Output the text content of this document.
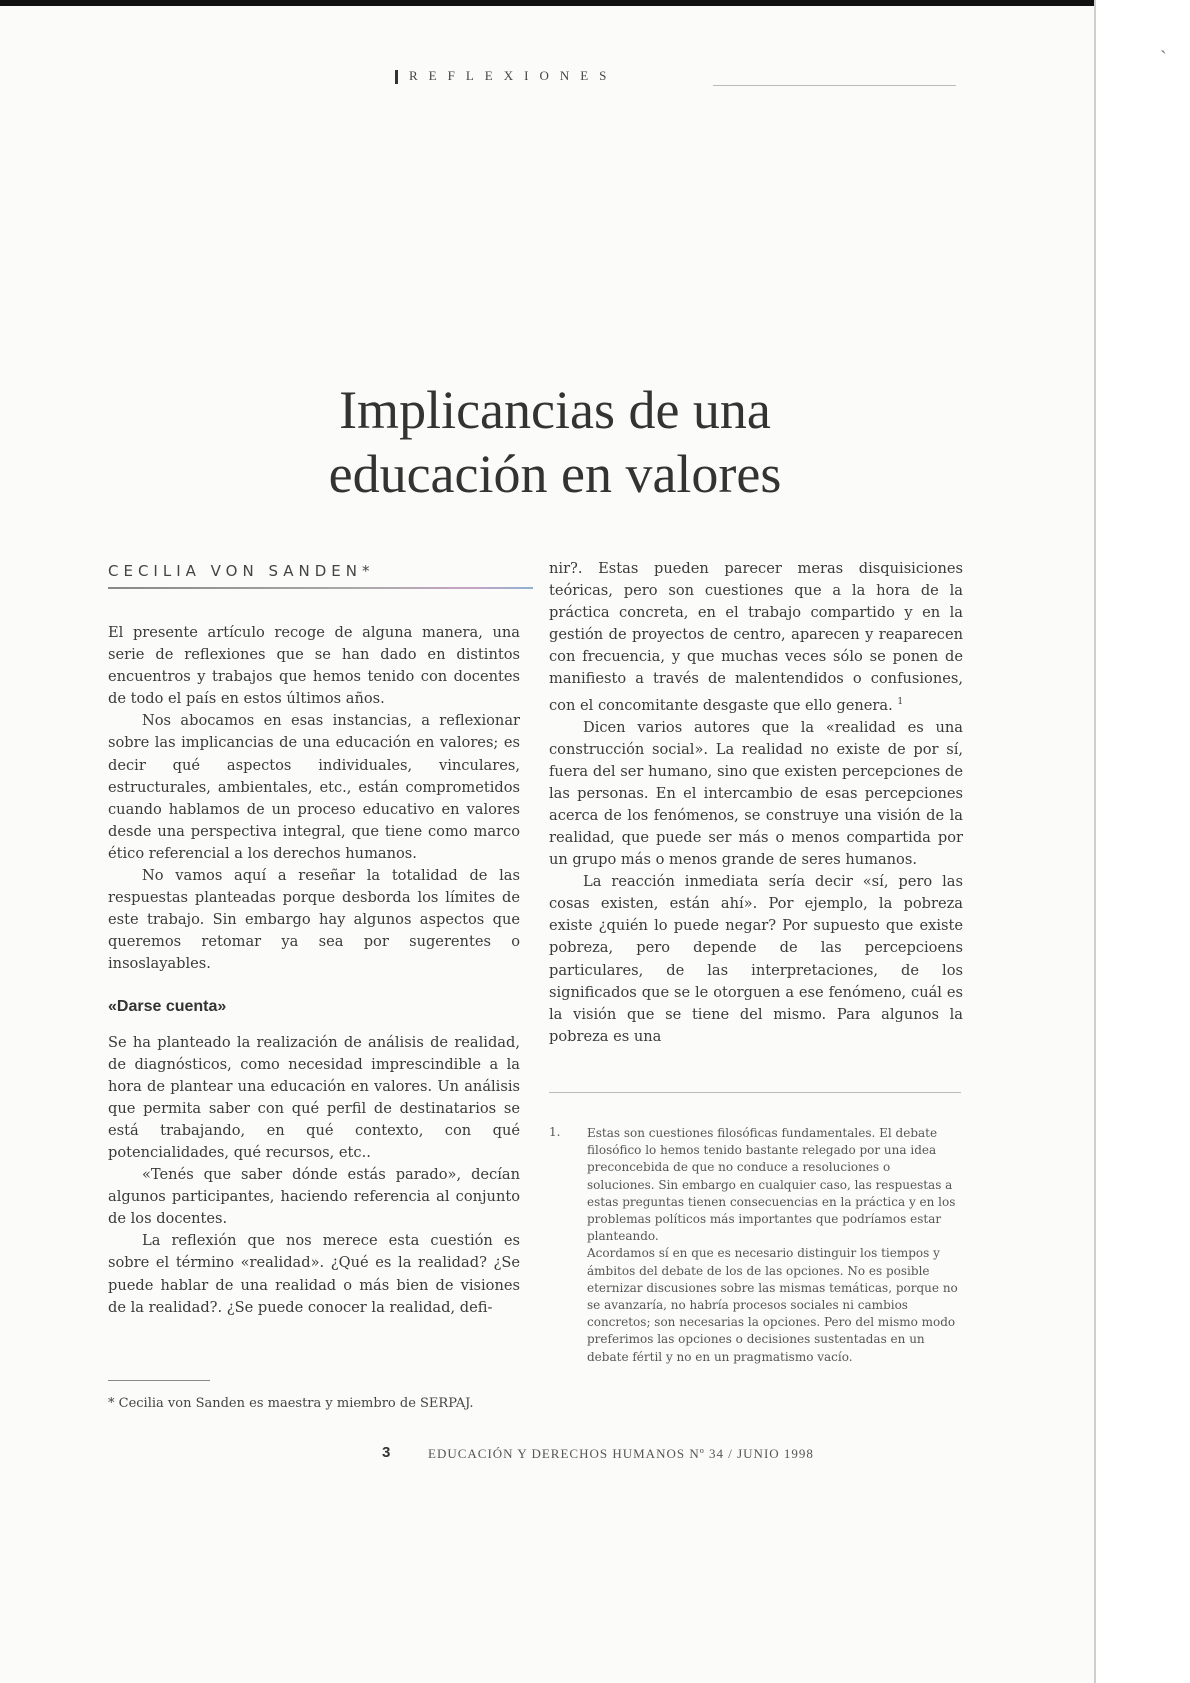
REFLEXIONES
Implicancias de una
educación en valores
CECILIA VON SANDEN*

El presente artículo recoge de alguna manera, una serie de reflexiones que se han dado en distintos encuentros y trabajos que hemos tenido con docentes de todo el país en estos últimos años.

Nos abocamos en esas instancias, a reflexionar sobre las implicancias de una educación en valores; es decir qué aspectos individuales, vinculares, estructurales, ambientales, etc., están comprometidos cuando hablamos de un proceso educativo en valores desde una perspectiva integral, que tiene como marco ético referencial a los derechos humanos.

No vamos aquí a reseñar la totalidad de las respuestas planteadas porque desborda los límites de este trabajo. Sin embargo hay algunos aspectos que queremos retomar ya sea por sugerentes o insoslayables.

«Darse cuenta»

Se ha planteado la realización de análisis de realidad, de diagnósticos, como necesidad imprescindible a la hora de plantear una educación en valores. Un análisis que permita saber con qué perfil de destinatarios se está trabajando, en qué contexto, con qué potencialidades, qué recursos, etc..

«Tenés que saber dónde estás parado», decían algunos participantes, haciendo referencia al conjunto de los docentes.

La reflexión que nos merece esta cuestión es sobre el término «realidad». ¿Qué es la realidad? ¿Se puede hablar de una realidad o más bien de visiones de la realidad?. ¿Se puede conocer la realidad, defi-

nir?. Estas pueden parecer meras disquisiciones teóricas, pero son cuestiones que a la hora de la práctica concreta, en el trabajo compartido y en la gestión de proyectos de centro, aparecen y reaparecen con frecuencia, y que muchas veces sólo se ponen de manifiesto a través de malentendidos o confusiones, con el concomitante desgaste que ello genera. $^1$

Dicen varios autores que la «realidad es una construcción social». La realidad no existe de por sí, fuera del ser humano, sino que existen percepciones de las personas. En el intercambio de esas percepciones acerca de los fenómenos, se construye una visión de la realidad, que puede ser más o menos compartida por un grupo más o menos grande de seres humanos.

La reacción inmediata sería decir «sí, pero las cosas existen, están ahí». Por ejemplo, la pobreza existe ¿quién lo puede negar? Por supuesto que existe pobreza, pero depende de las percepcioens particulares, de las interpretaciones, de los significados que se le otorguen a ese fenómeno, cuál es la visión que se tiene del mismo. Para algunos la pobreza es una

1. Estas son cuestiones filosóficas fundamentales. El debate filosófico lo hemos tenido bastante relegado por una idea preconcebida de que no conduce a resoluciones o soluciones. Sin embargo en cualquier caso, las respuestas a estas preguntas tienen consecuencias en la práctica y en los problemas políticos más importantes que podríamos estar planteando.

Acordamos sí en que es necesario distinguir los tiempos y ámbitos del debate de los de las opciones. No es posible eternizar discusiones sobre las mismas temáticas, porque no se avanzaría, no habría procesos sociales ni cambios concretos; son necesarias la opciones. Pero del mismo modo preferimos las opciones o decisiones sustentadas en un debate fértil y no en un pragmatismo vacío.

* Cecilia von Sanden es maestra y miembro de SERPAJ.
3	EDUCACIÓN Y DERECHOS HUMANOS Nº 34 / JUNIO 1998
ˎ
